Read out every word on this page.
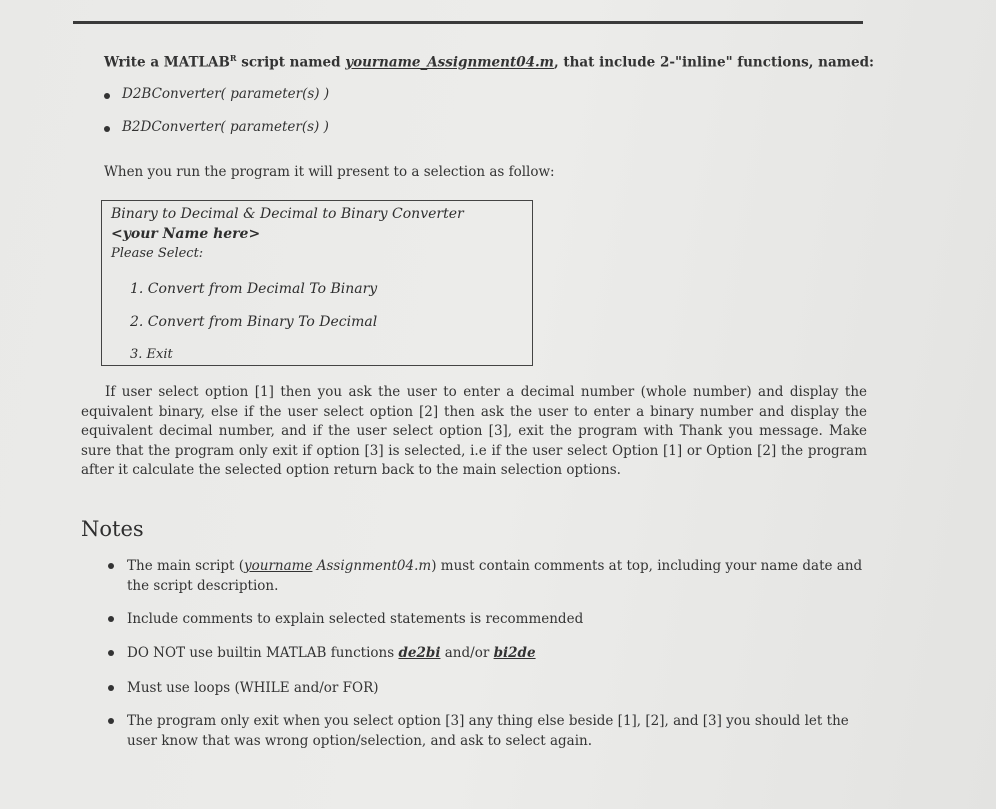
Write a $MATLAB^R$ script named yourname_Assignment04.m, that include 2-"inline" functions, named:
D2BConverter( parameter(s) )
B2DConverter( parameter(s) )
When you run the program it will present to a selection as follow:
Binary to Decimal & Decimal to Binary Converter
<your Name here>
Please Select:
1. Convert from Decimal To Binary
2. Convert from Binary To Decimal
3. Exit
If user select option [1] then you ask the user to enter a decimal number (whole number) and display the equivalent binary, else if the user select option [2] then ask the user to enter a binary number and display the equivalent decimal number, and if the user select option [3], exit the program with Thank you message. Make sure that the program only exit if option [3] is selected, i.e if the user select Option [1] or Option [2] the program after it calculate the selected option return back to the main selection options.
Notes
The main script (yourname Assignment04.m) must contain comments at top, including your name date and the script description.
Include comments to explain selected statements is recommended
DO NOT use builtin MATLAB functions de2bi and/or bi2de
Must use loops (WHILE and/or FOR)
The program only exit when you select option [3] any thing else beside [1], [2], and [3] you should let the user know that was wrong option/selection, and ask to select again.
